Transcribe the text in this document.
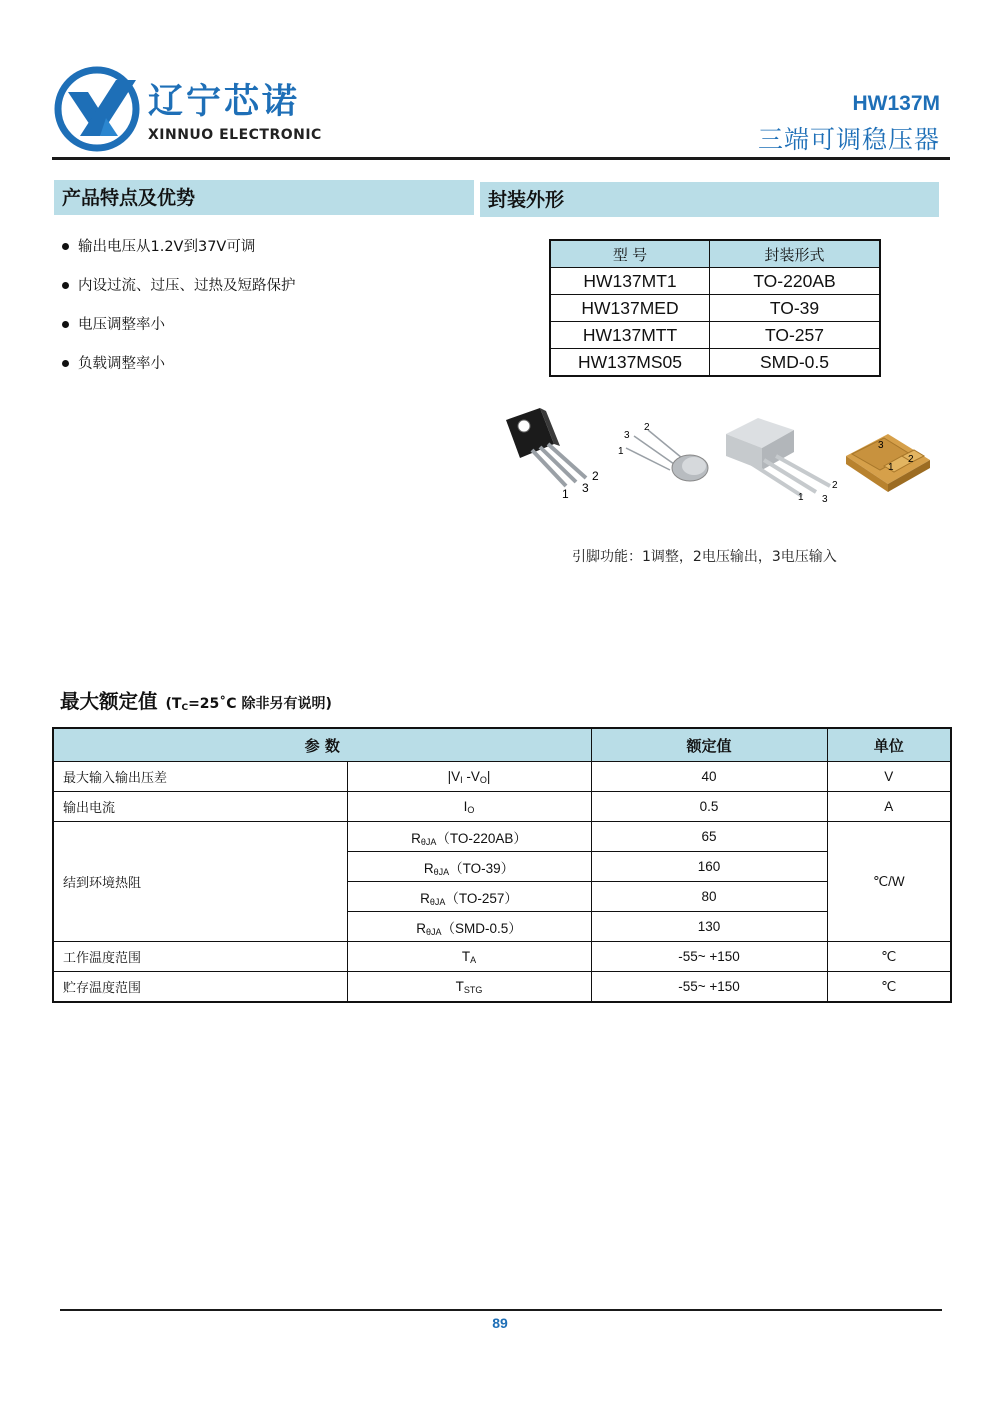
辽宁芯诺
XINNUO ELECTRONIC
HW137M
三端可调稳压器
产品特点及优势	封装外形
输出电压从1.2V到37V可调
内设过流、过压、过热及短路保护
电压调整率小
负载调整率小
型 号	封装形式
HW137MT1	TO-220AB
HW137MED	TO-39
HW137MTT	TO-257
HW137MS05	SMD-0.5
1 3
2
3
2
1
1 3
2
3
1
2
引脚功能：1调整，2电压输出，3电压输入
最大额定值 ($T_C=25˚C$ 除非另有说明)
参 数		额定值	单位
最大输入输出压差	$|V_I$ $-V_O|$	40	V
输出电流	$I_O$	0.5	A
结到环境热阻	$R_{\theta JA}(TO-220AB)$	65	℃/W
	$R_{\theta JA}(TO-39)$	160	
	$R_{\theta JA}(TO-257)$	80	
	$R_{\theta JA}(SMD-0.5)$	130	
工作温度范围	$T_A$	-55~ +150	℃
贮存温度范围	$T_{STG}$	-55~ +150	℃
89
